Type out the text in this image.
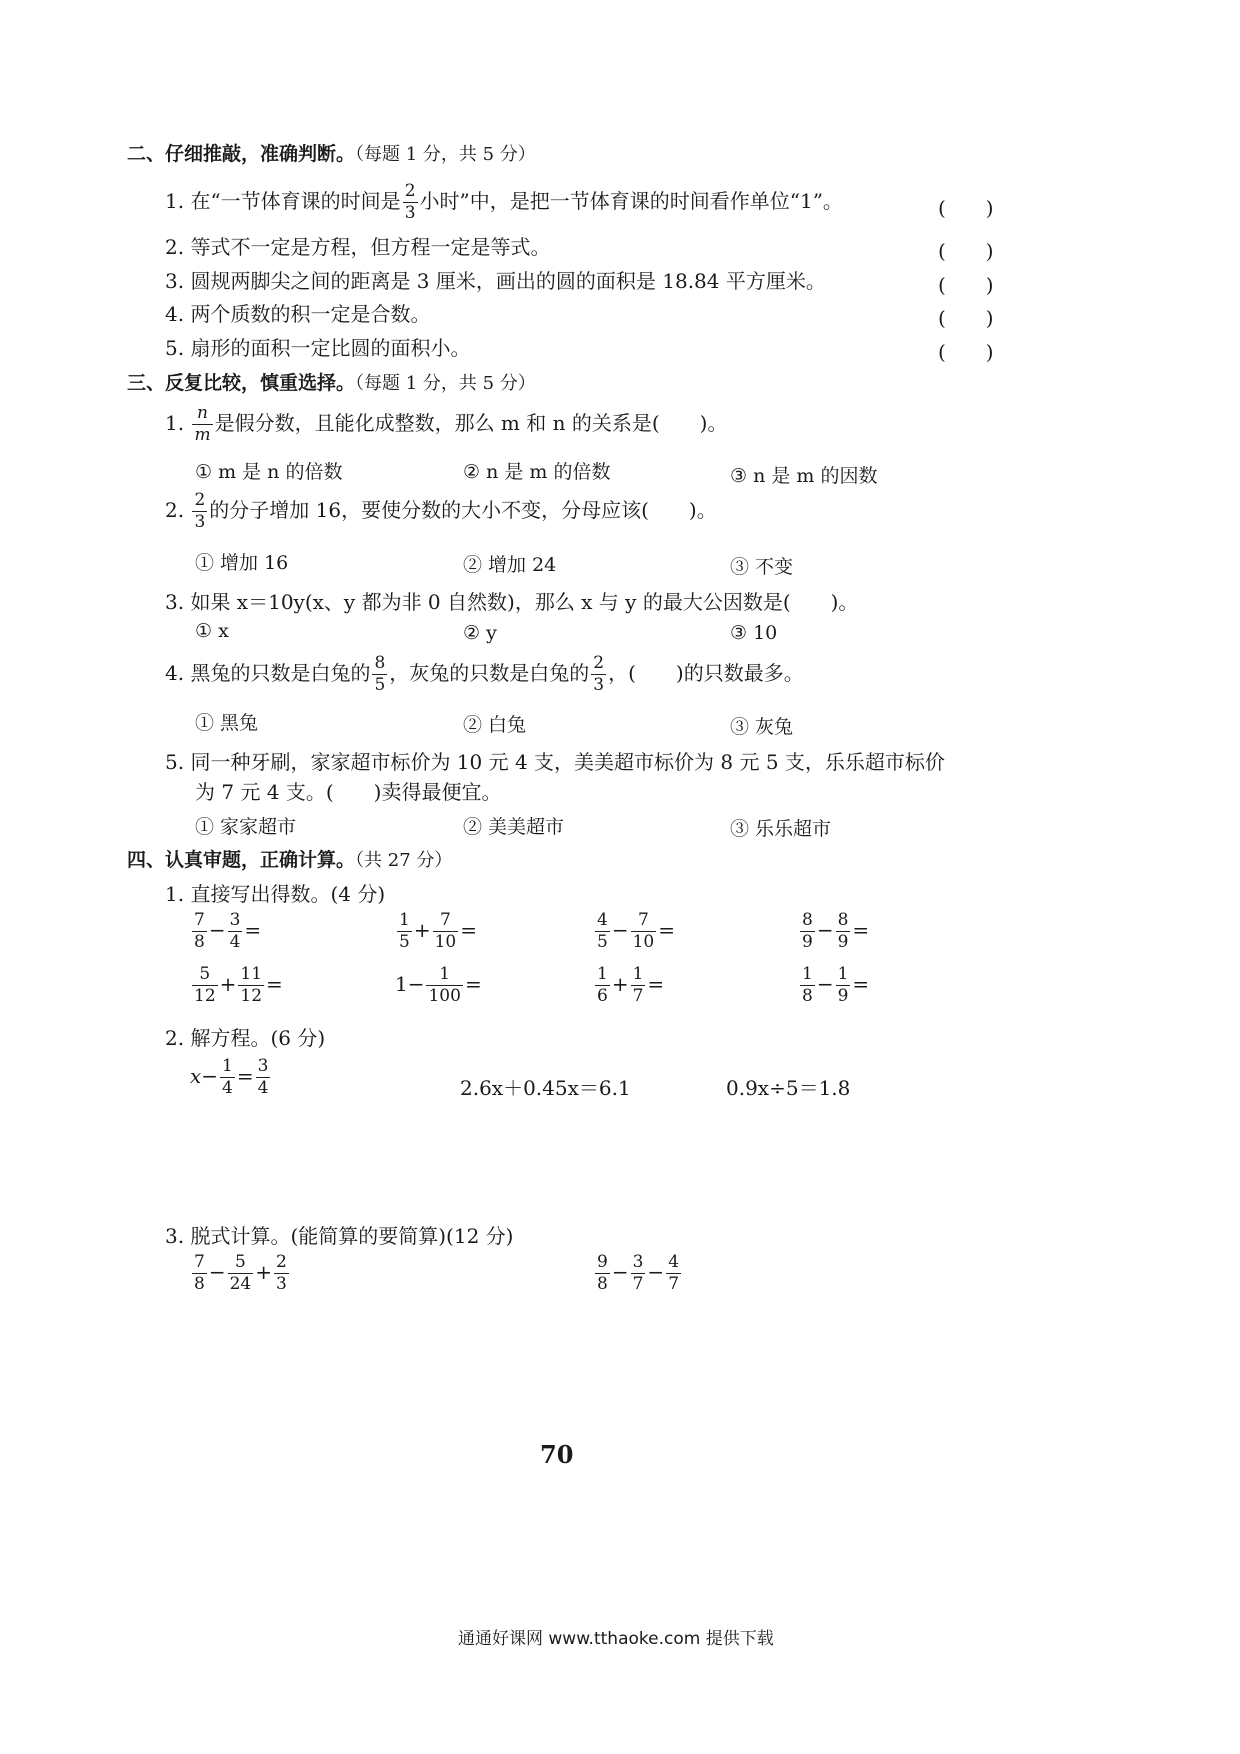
二、仔细推敲，准确判断。（每题 1 分，共 5 分）
1. 在“一节体育课的时间是 $\frac{2}{3}$ 小时”中，是把一节体育课的时间看作单位“1”。	(　　)
2. 等式不一定是方程，但方程一定是等式。	(　　)
3. 圆规两脚尖之间的距离是 3 厘米，画出的圆的面积是 18.84 平方厘米。	(　　)
4. 两个质数的积一定是合数。	(　　)
5. 扇形的面积一定比圆的面积小。	(　　)
三、反复比较，慎重选择。（每题 1 分，共 5 分）
1. $\frac{n}{m}$ 是假分数，且能化成整数，那么 m 和 n 的关系是(　　)。
① m 是 n 的倍数	② n 是 m 的倍数	③ n 是 m 的因数
2. $\frac{2}{3}$ 的分子增加 16，要使分数的大小不变，分母应该(　　)。
① 增加 16	② 增加 24	③ 不变
3. 如果 x＝10y(x、y 都为非 0 自然数)，那么 x 与 y 的最大公因数是(　　)。
① x	② y	③ 10
4. 黑兔的只数是白兔的 $\frac{8}{5}$ ，灰兔的只数是白兔的 $\frac{2}{3}$ ，(　　)的只数最多。
① 黑兔	② 白兔	③ 灰兔
5. 同一种牙刷，家家超市标价为 10 元 4 支，美美超市标价为 8 元 5 支，乐乐超市标价
为 7 元 4 支。(　　)卖得最便宜。
① 家家超市	② 美美超市	③ 乐乐超市
四、认真审题，正确计算。（共 27 分）
1. 直接写出得数。(4 分)
$\frac{7}{8} - \frac{3}{4}$ =	$\frac{1}{5} + \frac{7}{10}$ =	$\frac{4}{5} - \frac{7}{10}$ =	$\frac{8}{9} - \frac{8}{9}$ =
$\frac{5}{12} + \frac{11}{12}$ =	$1- \frac{1}{100}$ =	$\frac{1}{6} + \frac{1}{7}$ =	$\frac{1}{8} - \frac{1}{9}$ =
2. 解方程。(6 分)
$x- \frac{1}{4} = \frac{3}{4}$	2.6x＋0.45x＝6.1	0.9x÷5＝1.8
3. 脱式计算。(能简算的要简算)(12 分)
$\frac{7}{8} - \frac{5}{24} + \frac{2}{3}$	$\frac{9}{8} - \frac{3}{7} - \frac{4}{7}$
70
通通好课网 www.tthaoke.com 提供下载
